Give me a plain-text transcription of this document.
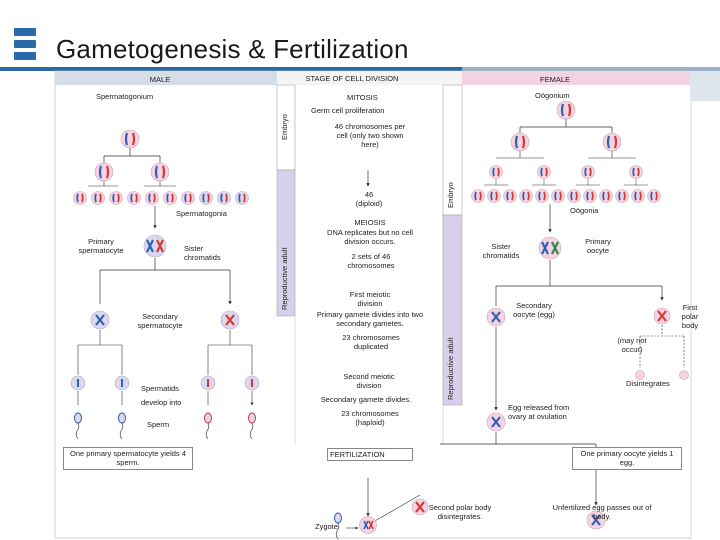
Gametogenesis & Fertilization
MALE	STAGE OF CELL DIVISION	FEMALE
Spermatogonium
Spermatogonia
Primary spermatocyte	Sister chromatids
Secondary spermatocyte
Spermatids
develop into
Sperm
One primary spermatocyte yields 4 sperm.
MITOSIS
Germ cell proliferation
46 chromosomes per cell (only two shown here)
46 (diploid)
MEIOSIS
DNA replicates but no cell division occurs.
2 sets of 46 chromosomes
First meiotic division
Primary gamete divides into two secondary gametes.
23 chromosomes duplicated
Second meiotic division
Secondary gamete divides.
23 chromosomes (haploid)
FERTILIZATION
Zygote
Second polar body disintegrates.
Embryo
Reproductive adult
Embryo
Reproductive adult
Oögonium
Oögonia
Sister chromatids
Primary oocyte
Secondary oocyte (egg)
First polar body
(may not occur)
Disintegrates
Egg released from ovary at ovulation
One primary oocyte yields 1 egg.
Unfertilized egg passes out of body.
